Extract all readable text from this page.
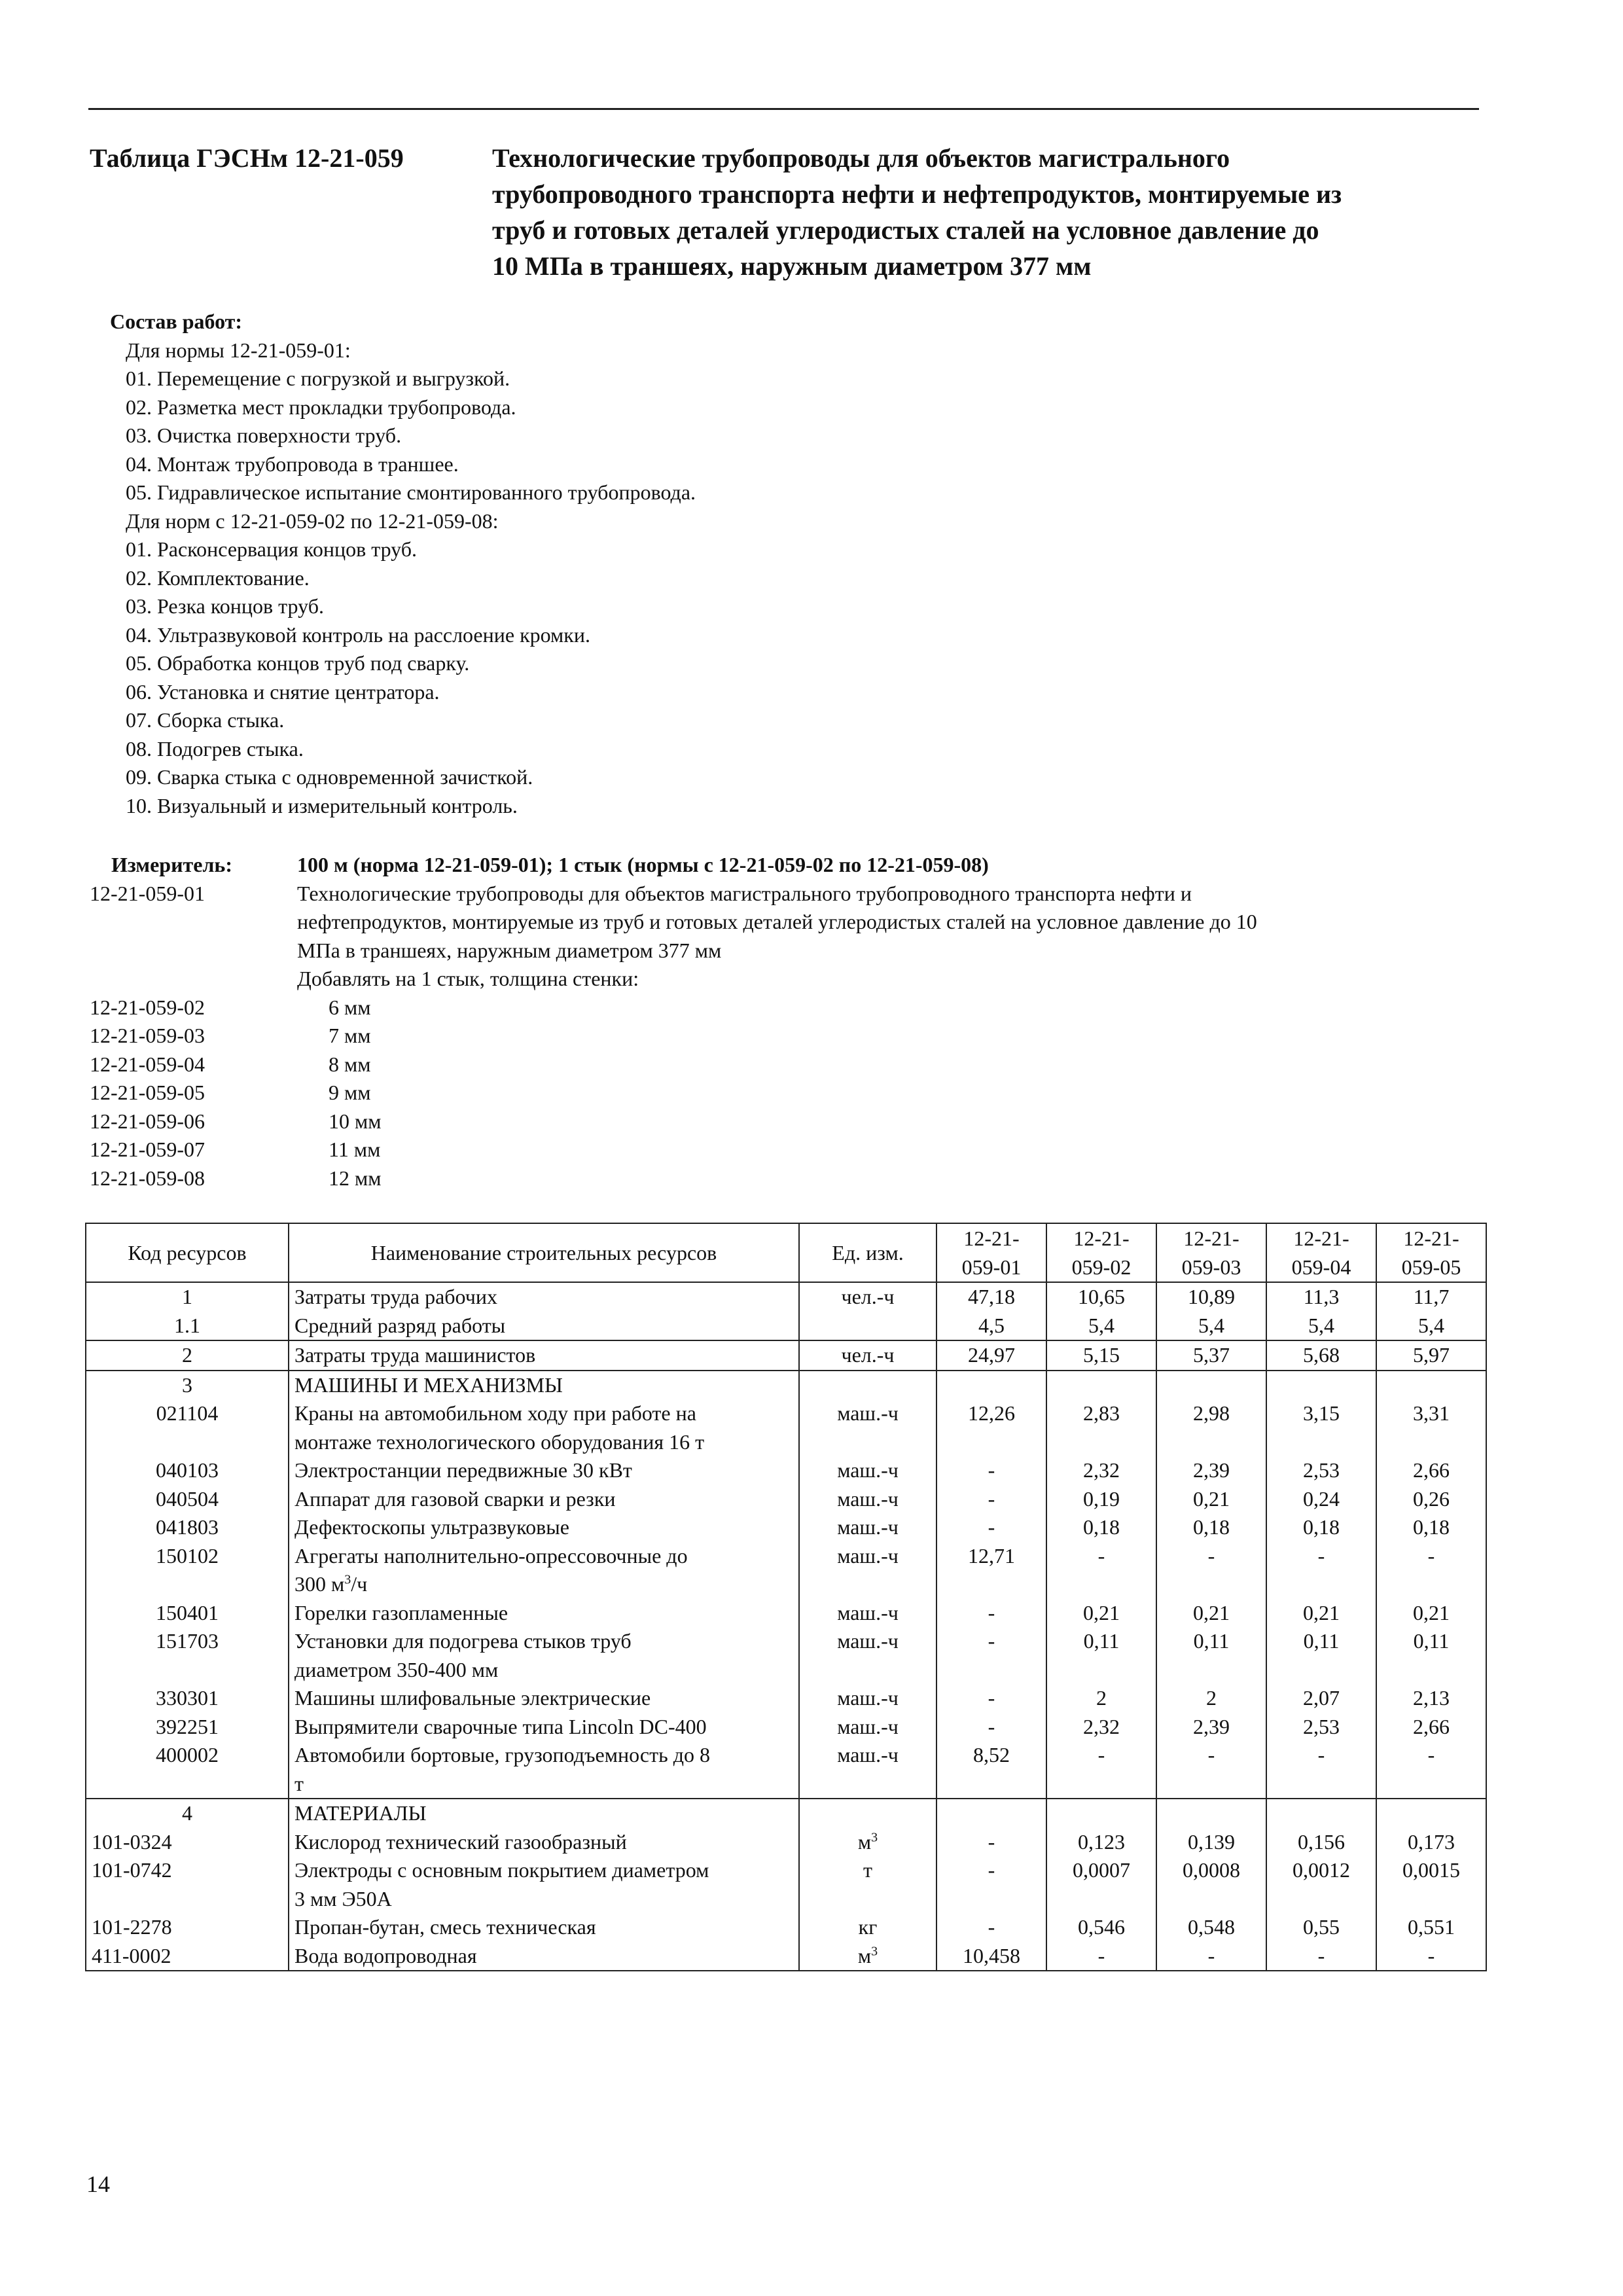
Таблица ГЭСНм 12-21-059	Технологические трубопроводы для объектов магистрального
трубопроводного транспорта нефти и нефтепродуктов, монтируемые из
труб и готовых деталей углеродистых сталей на условное давление до
10 МПа в траншеях, наружным диаметром 377 мм
Состав работ:
Для нормы 12-21-059-01:
01. Перемещение с погрузкой и выгрузкой.
02. Разметка мест прокладки трубопровода.
03. Очистка поверхности труб.
04. Монтаж трубопровода в траншее.
05. Гидравлическое испытание смонтированного трубопровода.
Для норм с 12-21-059-02 по 12-21-059-08:
01. Расконсервация концов труб.
02. Комплектование.
03. Резка концов труб.
04. Ультразвуковой контроль на расслоение кромки.
05. Обработка концов труб под сварку.
06. Установка и снятие центратора.
07. Сборка стыка.
08. Подогрев стыка.
09. Сварка стыка с одновременной зачисткой.
10. Визуальный и измерительный контроль.
Измеритель:	100 м (норма 12-21-059-01); 1 стык (нормы с 12-21-059-02 по 12-21-059-08)
12-21-059-01	Технологические трубопроводы для объектов магистрального трубопроводного транспорта нефти и
нефтепродуктов, монтируемые из труб и готовых деталей углеродистых сталей на условное давление до 10
МПа в траншеях, наружным диаметром 377 мм
Добавлять на 1 стык, толщина стенки:
12-21-059-02	6 мм
12-21-059-03	7 мм
12-21-059-04	8 мм
12-21-059-05	9 мм
12-21-059-06	10 мм
12-21-059-07	11 мм
12-21-059-08	12 мм
Код ресурсов	Наименование строительных ресурсов	Ед. изм.	12-21-
059-01	12-21-
059-02	12-21-
059-03	12-21-
059-04	12-21-
059-05
1	Затраты труда рабочих	чел.-ч	47,18	10,65	10,89	11,3	11,7
1.1	Средний разряд работы		4,5	5,4	5,4	5,4	5,4
2	Затраты труда машинистов	чел.-ч	24,97	5,15	5,37	5,68	5,97
3	МАШИНЫ И МЕХАНИЗМЫ						
021104	Краны на автомобильном ходу при работе на
монтаже технологического оборудования 16 т	маш.-ч	12,26	2,83	2,98	3,15	3,31
040103	Электростанции передвижные 30 кВт	маш.-ч	-	2,32	2,39	2,53	2,66
040504	Аппарат для газовой сварки и резки	маш.-ч	-	0,19	0,21	0,24	0,26
041803	Дефектоскопы ультразвуковые	маш.-ч	-	0,18	0,18	0,18	0,18
150102	Агрегаты наполнительно-опрессовочные до
300 $м^3/ч$	маш.-ч	12,71	-	-	-	-
150401	Горелки газопламенные	маш.-ч	-	0,21	0,21	0,21	0,21
151703	Установки для подогрева стыков труб
диаметром 350-400 мм	маш.-ч	-	0,11	0,11	0,11	0,11
330301	Машины шлифовальные электрические	маш.-ч	-	2	2	2,07	2,13
392251	Выпрямители сварочные типа Lincoln DC-400	маш.-ч	-	2,32	2,39	2,53	2,66
400002	Автомобили бортовые, грузоподъемность до 8
т	маш.-ч	8,52	-	-	-	-
4	МАТЕРИАЛЫ						
101-0324	Кислород технический газообразный	$м^3$	-	0,123	0,139	0,156	0,173
101-0742	Электроды с основным покрытием диаметром
3 мм Э50А	т	-	0,0007	0,0008	0,0012	0,0015
101-2278	Пропан-бутан, смесь техническая	кг	-	0,546	0,548	0,55	0,551
411-0002	Вода водопроводная	$м^3$	10,458	-	-	-	-
14
